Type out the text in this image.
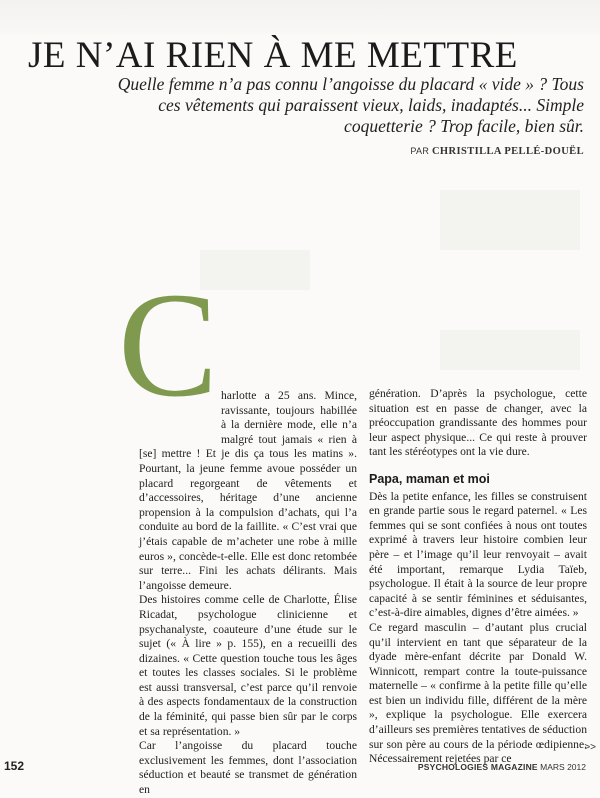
JE N’AI RIEN À ME METTRE

Quelle femme n’a pas connu l’angoisse du placard « vide » ? Tous ces vêtements qui paraissent vieux, laids, inadaptés... Simple coquetterie ? Trop facile, bien sûr.

PAR CHRISTILLA PELLÉ-DOUËL
C harlotte a 25 ans. Mince, ravissante, toujours habillée à la dernière mode, elle n’a malgré tout jamais « rien à [se] mettre ! Et je dis ça tous les matins ». Pourtant, la jeune femme avoue posséder un placard regorgeant de vêtements et d’accessoires, héritage d’une ancienne propension à la compulsion d’achats, qui l’a conduite au bord de la faillite. « C’est vrai que j’étais capable de m’acheter une robe à mille euros », concède-t-elle. Elle est donc retombée sur terre... Fini les achats délirants. Mais l’angoisse demeure.

Des histoires comme celle de Charlotte, Élise Ricadat, psychologue clinicienne et psychanalyste, coauteure d’une étude sur le sujet (« À lire » p. 155), en a recueilli des dizaines. « Cette question touche tous les âges et toutes les classes sociales. Si le problème est aussi transversal, c’est parce qu’il renvoie à des aspects fondamentaux de la construction de la féminité, qui passe bien sûr par le corps et sa représentation. »

Car l’angoisse du placard touche exclusivement les femmes, dont l’association séduction et beauté se transmet de génération en

génération. D’après la psychologue, cette situation est en passe de changer, avec la préoccupation grandissante des hommes pour leur aspect physique... Ce qui reste à prouver tant les stéréotypes ont la vie dure.

Papa, maman et moi

Dès la petite enfance, les filles se construisent en grande partie sous le regard paternel. « Les femmes qui se sont confiées à nous ont toutes exprimé à travers leur histoire combien leur père – et l’image qu’il leur renvoyait – avait été important, remarque Lydia Taïeb, psychologue. Il était à la source de leur propre capacité à se sentir féminines et séduisantes, c’est-à-dire aimables, dignes d’être aimées. »

Ce regard masculin – d’autant plus crucial qu’il intervient en tant que séparateur de la dyade mère-enfant décrite par Donald W. Winnicott, rempart contre la toute-puissance maternelle – « confirme à la petite fille qu’elle est bien un individu fille, différent de la mère », explique la psychologue. Elle exercera d’ailleurs ses premières tentatives de séduction sur son père au cours de la période œdipienne. Nécessairement rejetées par ce

>>
152	PSYCHOLOGIES MAGAZINE MARS 2012
